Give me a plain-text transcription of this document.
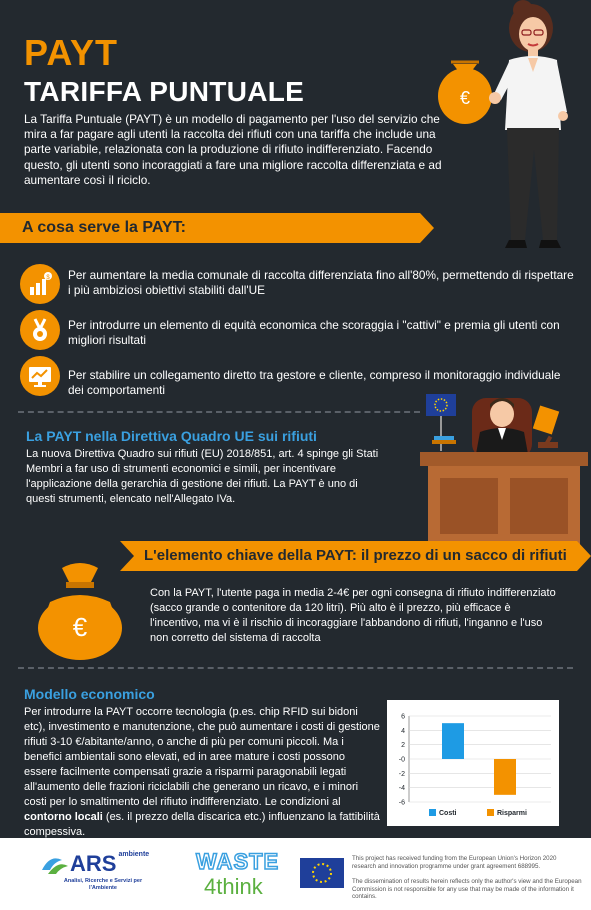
PAYT
TARIFFA PUNTUALE

La Tariffa Puntuale (PAYT) è un modello di pagamento per l'uso del servizio che mira a far pagare agli utenti la raccolta dei rifiuti con una tariffa che include una parte variabile, relazionata con la produzione di rifiuto indifferenziato. Facendo questo, gli utenti sono incoraggiati a fare una migliore raccolta differenziata e ad aumentare così il riciclo.

€
A cosa serve la PAYT:
$ Per aumentare la media comunale di raccolta differenziata fino all'80%, permettendo di rispettare i più ambiziosi obiettivi stabiliti dall'UE

Per introdurre un elemento di equità economica che scoraggia i "cattivi" e premia gli utenti con migliori risultati

Per stabilire un collegamento diretto tra gestore e cliente, compreso il monitoraggio individuale dei comportamenti

La PAYT nella Direttiva Quadro UE sui rifiuti

La nuova Direttiva Quadro sui rifiuti (EU) 2018/851, art. 4 spinge gli Stati Membri a far uso di strumenti economici e simili, per incentivare l'applicazione della gerarchia di gestione dei rifiuti. La PAYT è uno di questi strumenti, elencato nell'Allegato IVa.

L'elemento chiave della PAYT: il prezzo di un sacco di rifiuti
€

Con la PAYT, l'utente paga in media 2-4€ per ogni consegna di rifiuto indifferenziato (sacco grande o contenitore da 120 litri). Più alto è il prezzo, più efficace è l'incentivo, ma vi è il rischio di incoraggiare l'abbandono di rifiuti, l'inganno e l'uso non corretto del sistema di raccolta

Modello economico

Per introdurre la PAYT occorre tecnologia (p.es. chip RFID sui bidoni etc), investimento e manutenzione, che può aumentare i costi di gestione rifiuti 3-10 €/abitante/anno, o anche di più per comuni piccoli. Ma i benefici ambientali sono elevati, ed in aree mature i costi possono essere facilmente compensati grazie a risparmi paragonabili legati all'aumento delle frazioni riciclabili che generano un ricavo, e i minori costi per lo smaltimento del rifiuto indifferenziato. Le condizioni al contorno locali (es. il prezzo della discarica etc.) influenzano la fattibilità compessiva.

6
4
2
-0
-2
-4
-6
Costi	Risparmi
ARS $^{ambiente}$
Analisi, Ricerche e Servizi per l'Ambiente
WASTE
4think

This project has received funding from the European Union's Horizon 2020 research and innovation programme under grant agreement 688995.

The dissemination of results herein reflects only the author's view and the European Commission is not responsible for any use that may be made of the information it contains.
